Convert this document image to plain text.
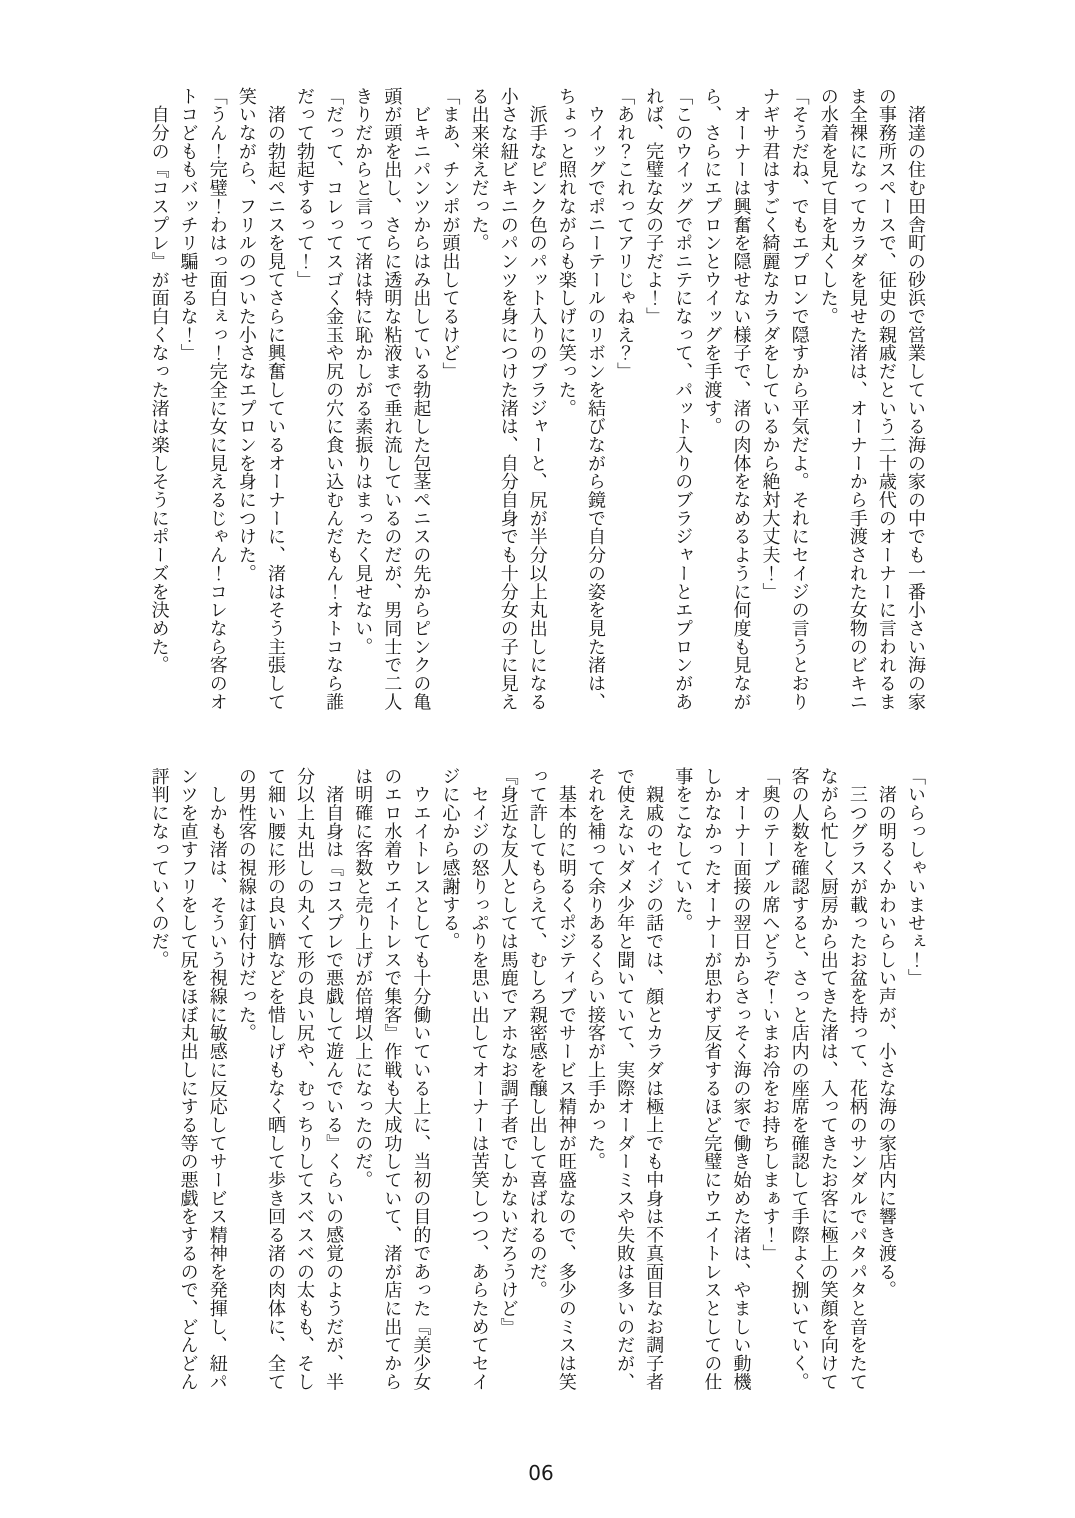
　渚達の住む田舎町の砂浜で営業している海の家の中でも一番小さい海の家
の事務所スペースで、征史の親戚だという二十歳代のオーナーに言われるま
ま全裸になってカラダを見せた渚は、オーナーから手渡された女物のビキニ
の水着を見て目を丸くした。
「そうだね、でもエプロンで隠すから平気だよ。それにセイジの言うとおり
ナギサ君はすごく綺麗なカラダをしているから絶対大丈夫！」
　オーナーは興奮を隠せない様子で、渚の肉体をなめるように何度も見なが
ら、さらにエプロンとウイッグを手渡す。
「このウイッグでポニテになって、パット入りのブラジャーとエプロンがあ
れば、完璧な女の子だよ！」
「あれ？これってアリじゃねえ？」
　ウイッグでポニーテールのリボンを結びながら鏡で自分の姿を見た渚は、
ちょっと照れながらも楽しげに笑った。
　派手なピンク色のパット入りのブラジャーと、尻が半分以上丸出しになる
小さな紐ビキニのパンツを身につけた渚は、自分自身でも十分女の子に見え
る出来栄えだった。
「まあ、チンポが頭出してるけど」
　ビキニパンツからはみ出している勃起した包茎ペニスの先からピンクの亀
頭が頭を出し、さらに透明な粘液まで垂れ流しているのだが、男同士で二人
きりだからと言って渚は特に恥かしがる素振りはまったく見せない。
「だって、コレってスゴく金玉や尻の穴に食い込むんだもん！オトコなら誰
だって勃起するって！」
　渚の勃起ペニスを見てさらに興奮しているオーナーに、渚はそう主張して
笑いながら、フリルのついた小さなエプロンを身につけた。
「うん！完璧！わはっ面白ぇっ！完全に女に見えるじゃん！コレなら客のオ
トコどももバッチリ騙せるな！」
　自分の『コスプレ』が面白くなった渚は楽しそうにポーズを決めた。
「いらっしゃいませぇ！」
　渚の明るくかわいらしい声が、小さな海の家店内に響き渡る。
　三つグラスが載ったお盆を持って、花柄のサンダルでパタパタと音をたて
ながら忙しく厨房から出てきた渚は、入ってきたお客に極上の笑顔を向けて
客の人数を確認すると、さっと店内の座席を確認して手際よく捌いていく。
「奥のテーブル席へどうぞ！いまお冷をお持ちしまぁす！」
　オーナー面接の翌日からさっそく海の家で働き始めた渚は、やましい動機
しかなかったオーナーが思わず反省するほど完璧にウエイトレスとしての仕
事をこなしていた。
　親戚のセイジの話では、顔とカラダは極上でも中身は不真面目なお調子者
で使えないダメ少年と聞いていて、実際オーダーミスや失敗は多いのだが、
それを補って余りあるくらい接客が上手かった。
　基本的に明るくポジティブでサービス精神が旺盛なので、多少のミスは笑
って許してもらえて、むしろ親密感を醸し出して喜ばれるのだ。
『身近な友人としては馬鹿でアホなお調子者でしかないだろうけど』
　セイジの怒りっぷりを思い出してオーナーは苦笑しつつ、あらためてセイ
ジに心から感謝する。
　ウエイトレスとしても十分働いている上に、当初の目的であった『美少女
のエロ水着ウエイトレスで集客』作戦も大成功していて、渚が店に出てから
は明確に客数と売り上げが倍増以上になったのだ。
　渚自身は『コスプレで悪戯して遊んでいる』くらいの感覚のようだが、半
分以上丸出しの丸くて形の良い尻や、むっちりしてスベスベの太もも、そし
て細い腰に形の良い臍などを惜しげもなく晒して歩き回る渚の肉体に、全て
の男性客の視線は釘付けだった。
　しかも渚は、そういう視線に敏感に反応してサービス精神を発揮し、紐パ
ンツを直すフリをして尻をほぼ丸出しにする等の悪戯をするので、どんどん
評判になっていくのだ。
06
